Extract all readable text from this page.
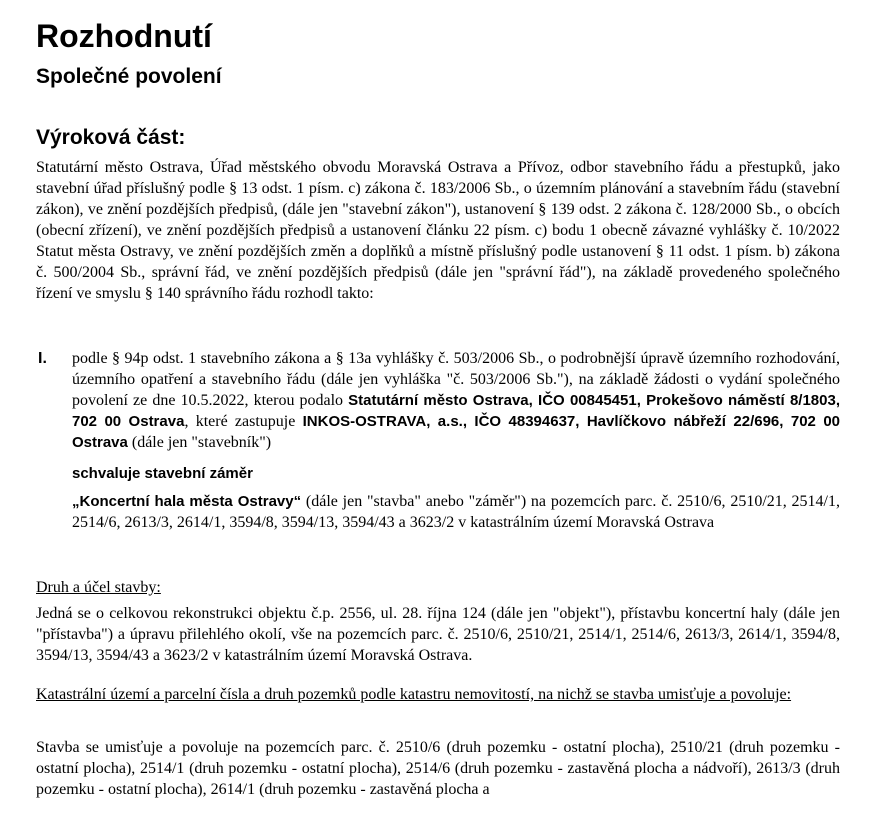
Rozhodnutí
Společné povolení
Výroková část:

Statutární město Ostrava, Úřad městského obvodu Moravská Ostrava a Přívoz, odbor stavebního řádu a přestupků, jako stavební úřad příslušný podle § 13 odst. 1 písm. c) zákona č. 183/2006 Sb., o územním plánování a stavebním řádu (stavební zákon), ve znění pozdějších předpisů, (dále jen "stavební zákon"), ustanovení § 139 odst. 2 zákona č. 128/2000 Sb., o obcích (obecní zřízení), ve znění pozdějších předpisů a ustanovení článku 22 písm. c) bodu 1 obecně závazné vyhlášky č. 10/2022 Statut města Ostravy, ve znění pozdějších změn a doplňků a místně příslušný podle ustanovení § 11 odst. 1 písm. b) zákona č. 500/2004 Sb., správní řád, ve znění pozdějších předpisů (dále jen "správní řád"), na základě provedeného společného řízení ve smyslu § 140 správního řádu rozhodl takto:

I. podle § 94p odst. 1 stavebního zákona a § 13a vyhlášky č. 503/2006 Sb., o podrobnější úpravě územního rozhodování, územního opatření a stavebního řádu (dále jen vyhláška "č. 503/2006 Sb."), na základě žádosti o vydání společného povolení ze dne 10.5.2022, kterou podalo Statutární město Ostrava, IČO 00845451, Prokešovo náměstí 8/1803, 702 00 Ostrava, které zastupuje INKOS-OSTRAVA, a.s., IČO 48394637, Havlíčkovo nábřeží 22/696, 702 00 Ostrava (dále jen "stavebník")
schvaluje stavební záměr
„Koncertní hala města Ostravy“ (dále jen "stavba" anebo "záměr") na pozemcích parc. č. 2510/6, 2510/21, 2514/1, 2514/6, 2613/3, 2614/1, 3594/8, 3594/13, 3594/43 a 3623/2 v katastrálním území Moravská Ostrava
Druh a účel stavby:

Jedná se o celkovou rekonstrukci objektu č.p. 2556, ul. 28. října 124 (dále jen "objekt"), přístavbu koncertní haly (dále jen "přístavba") a úpravu přilehlého okolí, vše na pozemcích parc. č. 2510/6, 2510/21, 2514/1, 2514/6, 2613/3, 2614/1, 3594/8, 3594/13, 3594/43 a 3623/2 v katastrálním území Moravská Ostrava.

Katastrální území a parcelní čísla a druh pozemků podle katastru nemovitostí, na nichž se stavba umisťuje a povoluje:

Stavba se umisťuje a povoluje na pozemcích parc. č. 2510/6 (druh pozemku - ostatní plocha), 2510/21 (druh pozemku - ostatní plocha), 2514/1 (druh pozemku - ostatní plocha), 2514/6 (druh pozemku - zastavěná plocha a nádvoří), 2613/3 (druh pozemku - ostatní plocha), 2614/1 (druh pozemku - zastavěná plocha a
